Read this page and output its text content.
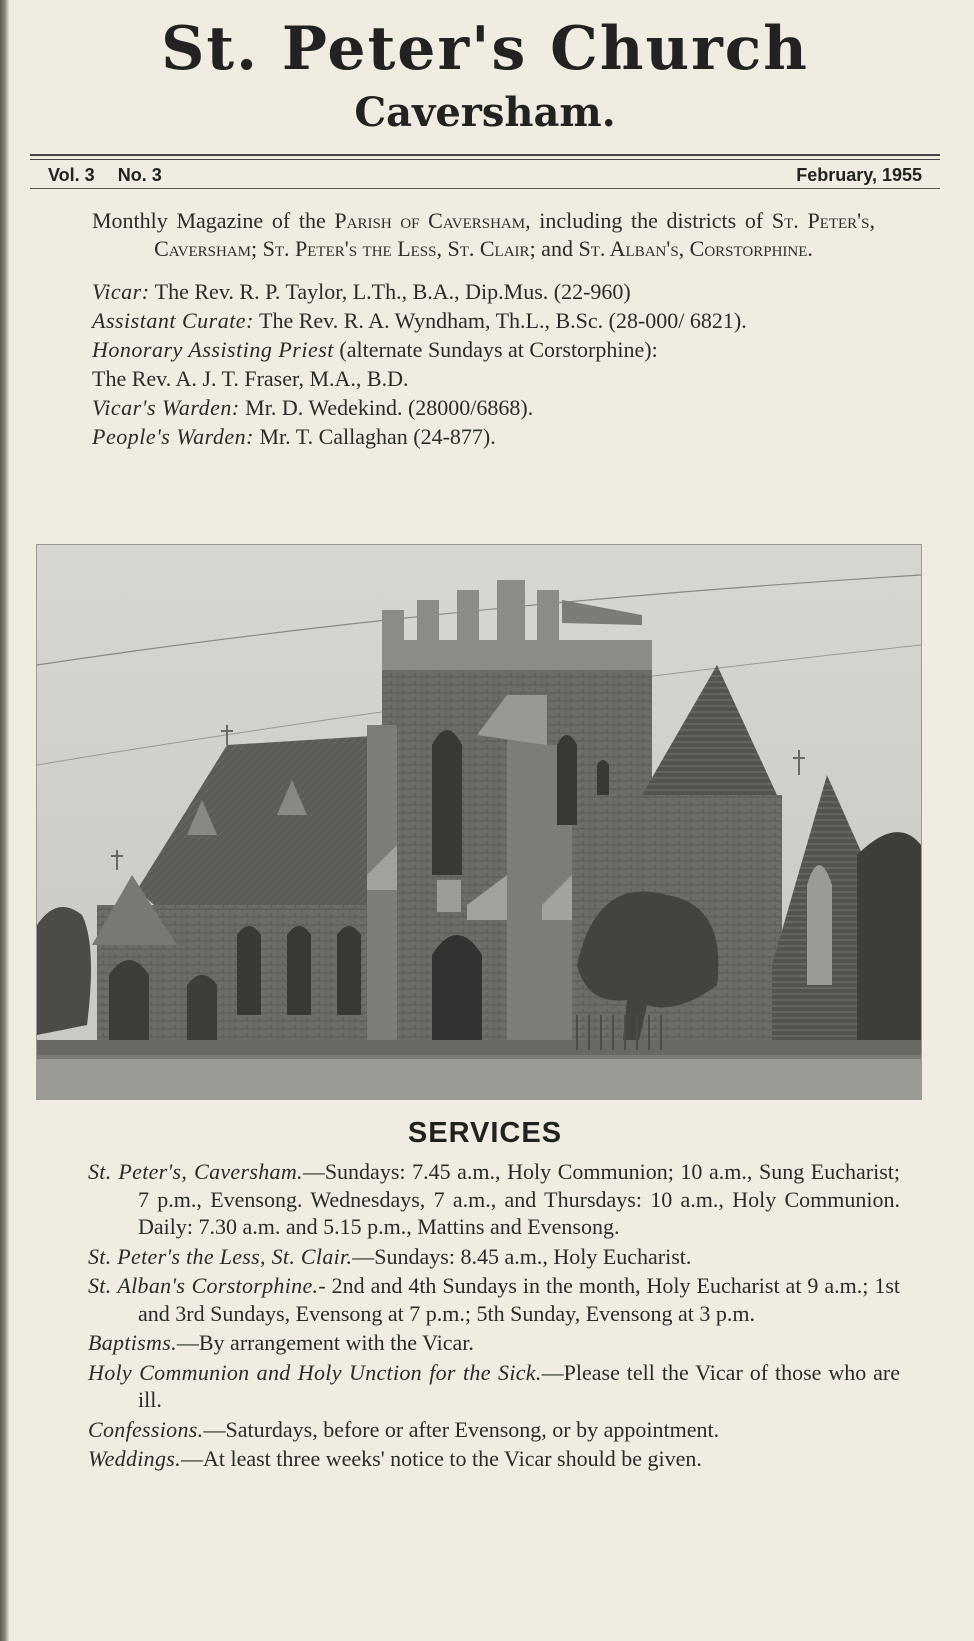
St. Peter's Church
Caversham.
Vol. 3 No. 3	February, 1955
Monthly Magazine of the Parish of Caversham, including the districts of St. Peter's, Caversham; St. Peter's the Less, St. Clair; and St. Alban's, Corstorphine.
Vicar: The Rev. R. P. Taylor, L.Th., B.A., Dip.Mus. (22-960)
Assistant Curate: The Rev. R. A. Wyndham, Th.L., B.Sc. (28-000/ 6821).
Honorary Assisting Priest (alternate Sundays at Corstorphine):
The Rev. A. J. T. Fraser, M.A., B.D.
Vicar's Warden: Mr. D. Wedekind. (28000/6868).
People's Warden: Mr. T. Callaghan (24-877).
SERVICES
St. Peter's, Caversham.—Sundays: 7.45 a.m., Holy Communion; 10 a.m., Sung Eucharist; 7 p.m., Evensong. Wednesdays, 7 a.m., and Thursdays: 10 a.m., Holy Communion. Daily: 7.30 a.m. and 5.15 p.m., Mattins and Evensong.
St. Peter's the Less, St. Clair.—Sundays: 8.45 a.m., Holy Eucharist.
St. Alban's Corstorphine.- 2nd and 4th Sundays in the month, Holy Eucharist at 9 a.m.; 1st and 3rd Sundays, Evensong at 7 p.m.; 5th Sunday, Evensong at 3 p.m.
Baptisms.—By arrangement with the Vicar.
Holy Communion and Holy Unction for the Sick.—Please tell the Vicar of those who are ill.
Confessions.—Saturdays, before or after Evensong, or by appointment.
Weddings.—At least three weeks' notice to the Vicar should be given.
